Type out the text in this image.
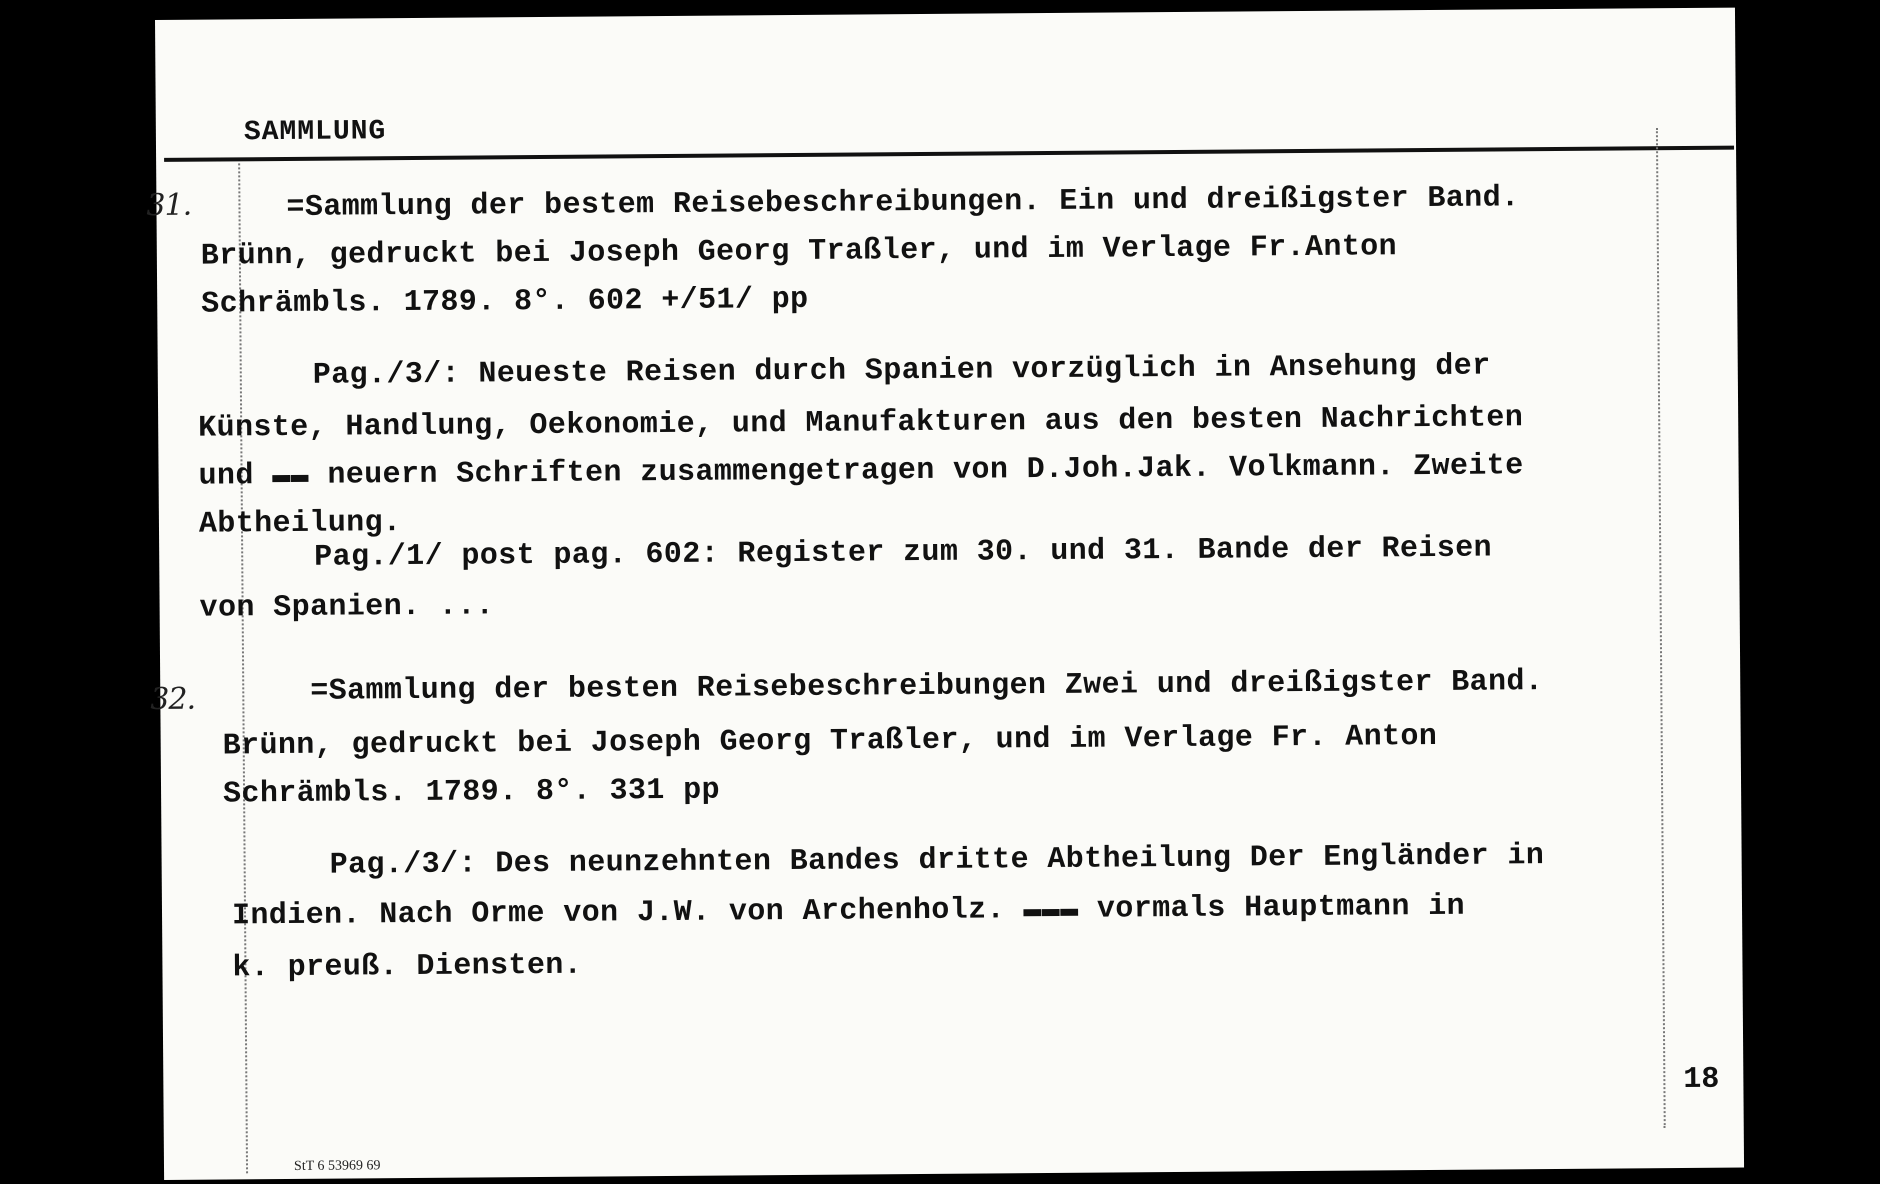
SAMMLUNG
31.	=Sammlung der bestem Reisebeschreibungen. Ein und dreißigster Band.
Brünn, gedruckt bei Joseph Georg Traßler, und im Verlage Fr.Anton
Schrämbls. 1789. 8°. 602 +/51/ pp
Pag./3/: Neueste Reisen durch Spanien vorzüglich in Ansehung der
Künste, Handlung, Oekonomie, und Manufakturen aus den besten Nachrichten
und ▬▬ neuern Schriften zusammengetragen von D.Joh.Jak. Volkmann. Zweite
Abtheilung.
Pag./1/ post pag. 602: Register zum 30. und 31. Bande der Reisen
von Spanien. ...
32.	=Sammlung der besten Reisebeschreibungen Zwei und dreißigster Band.
Brünn, gedruckt bei Joseph Georg Traßler, und im Verlage Fr. Anton
Schrämbls. 1789. 8°. 331 pp
Pag./3/: Des neunzehnten Bandes dritte Abtheilung Der Engländer in
Indien. Nach Orme von J.W. von Archenholz. ▬▬▬ vormals Hauptmann in
k. preuß. Diensten.
18
StT 6 53969 69
